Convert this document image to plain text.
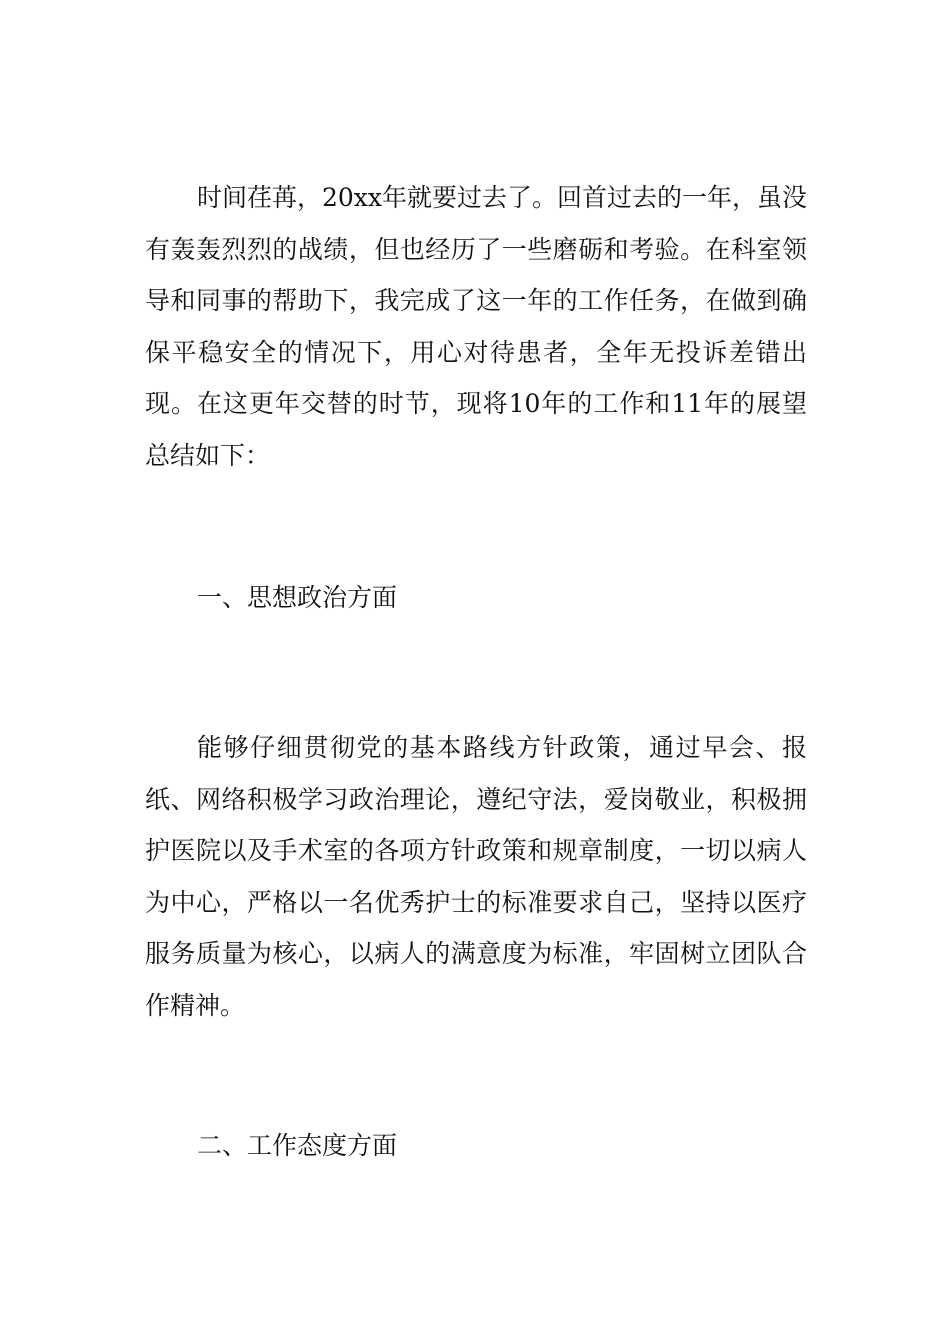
时间荏苒，20xx年就要过去了。回首过去的一年，虽没有轰轰烈烈的战绩，但也经历了一些磨砺和考验。在科室领导和同事的帮助下，我完成了这一年的工作任务，在做到确保平稳安全的情况下，用心对待患者，全年无投诉差错出现。在这更年交替的时节，现将10年的工作和11年的展望总结如下：

一、思想政治方面

能够仔细贯彻党的基本路线方针政策，通过早会、报纸、网络积极学习政治理论，遵纪守法，爱岗敬业，积极拥护医院以及手术室的各项方针政策和规章制度，一切以病人为中心，严格以一名优秀护士的标准要求自己，坚持以医疗服务质量为核心，以病人的满意度为标准，牢固树立团队合作精神。

二、工作态度方面
